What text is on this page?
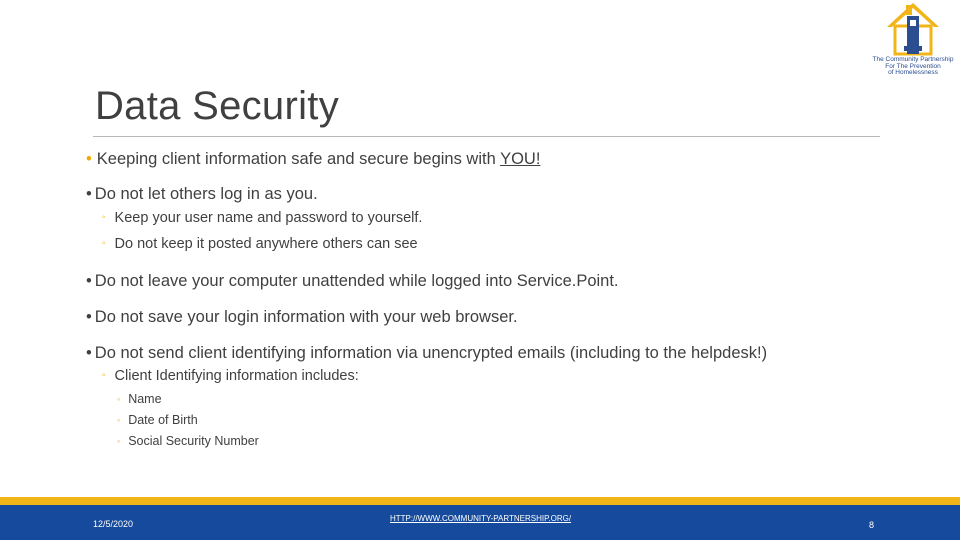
The Community Partnership
For The Prevention
of Homelessness
Data Security
• Keeping client information safe and secure begins with YOU!
• Do not let others log in as you.
◦ Keep your user name and password to yourself.
◦ Do not keep it posted anywhere others can see
• Do not leave your computer unattended while logged into Service.Point.
• Do not save your login information with your web browser.
• Do not send client identifying information via unencrypted emails (including to the helpdesk!)
◦ Client Identifying information includes:
◦ Name
◦ Date of Birth
◦ Social Security Number
12/5/2020
HTTP://WWW.COMMUNITY-PARTNERSHIP.ORG/
8
